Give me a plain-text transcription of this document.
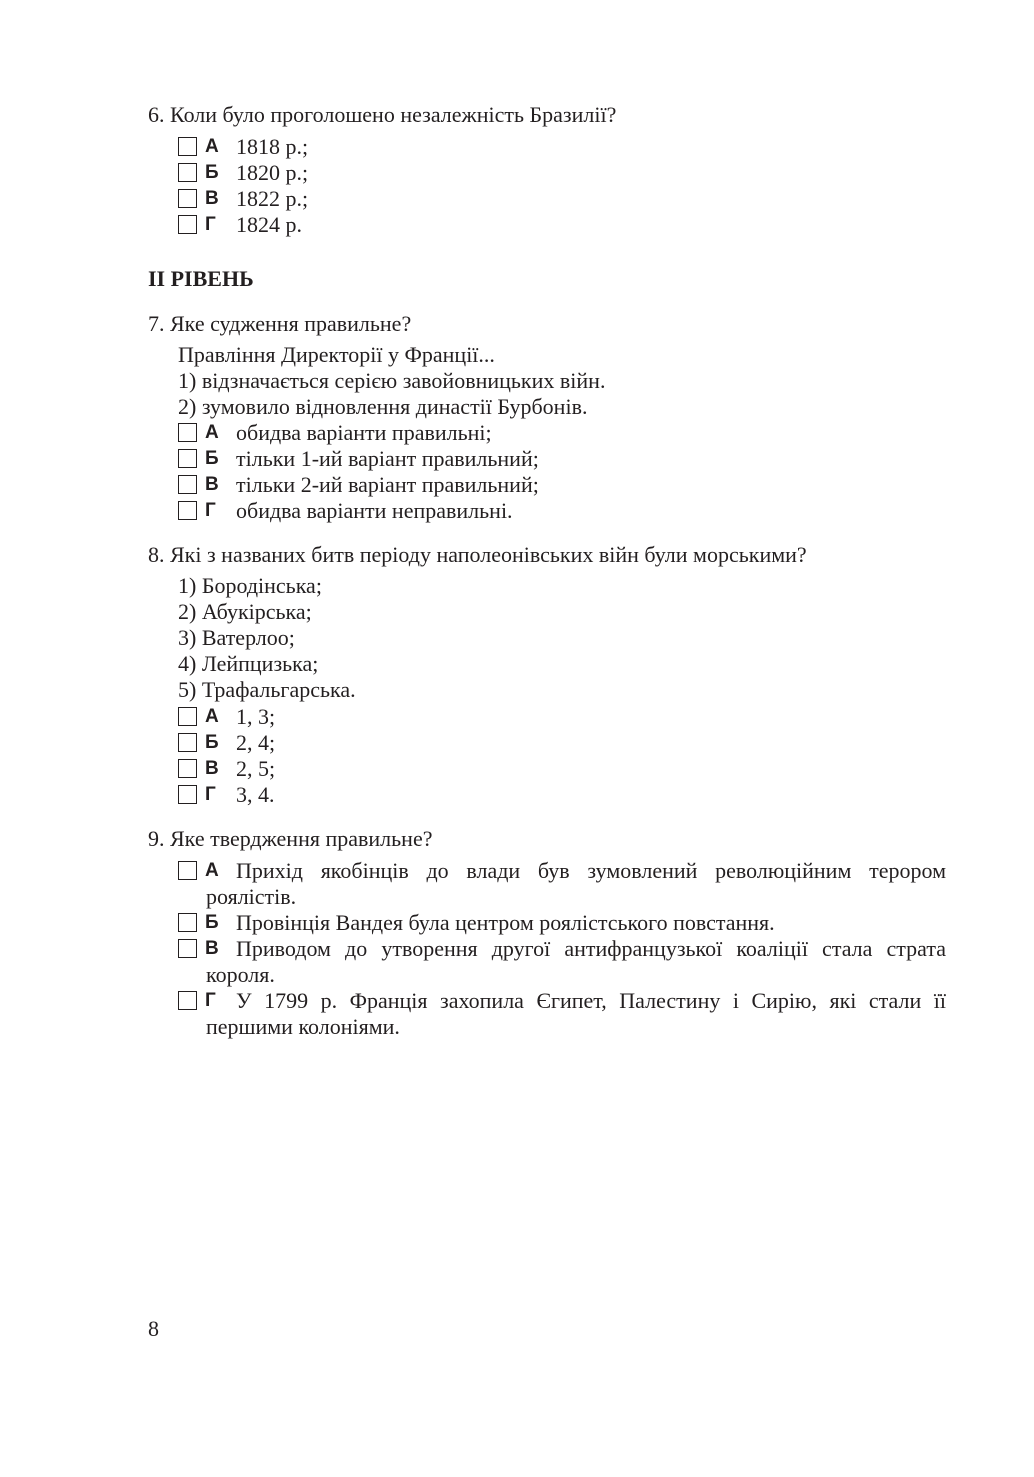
6. Коли було проголошено незалежність Бразилії?
А 1818 р.;
Б 1820 р.;
В 1822 р.;
Г 1824 р.
ІІ РІВЕНЬ
7. Яке судження правильне?
Правління Директорії у Франції...
1) відзначається серією завойовницьких війн.
2) зумовило відновлення династії Бурбонів.
А обидва варіанти правильні;
Б тільки 1-ий варіант правильний;
В тільки 2-ий варіант правильний;
Г обидва варіанти неправильні.
8. Які з названих битв періоду наполеонівських війн були морськими?
1) Бородінська;
2) Абукірська;
3) Ватерлоо;
4) Лейпцизька;
5) Трафальгарська.
А 1, 3;
Б 2, 4;
В 2, 5;
Г 3, 4.
9. Яке твердження правильне?
А Прихід якобінців до влади був зумовлений революційним терором роялістів.
Б Провінція Вандея була центром роялістського повстання.
В Приводом до утворення другої антифранцузької коаліції стала страта короля.
Г У 1799 р. Франція захопила Єгипет, Палестину і Сирію, які стали її першими колоніями.
8
